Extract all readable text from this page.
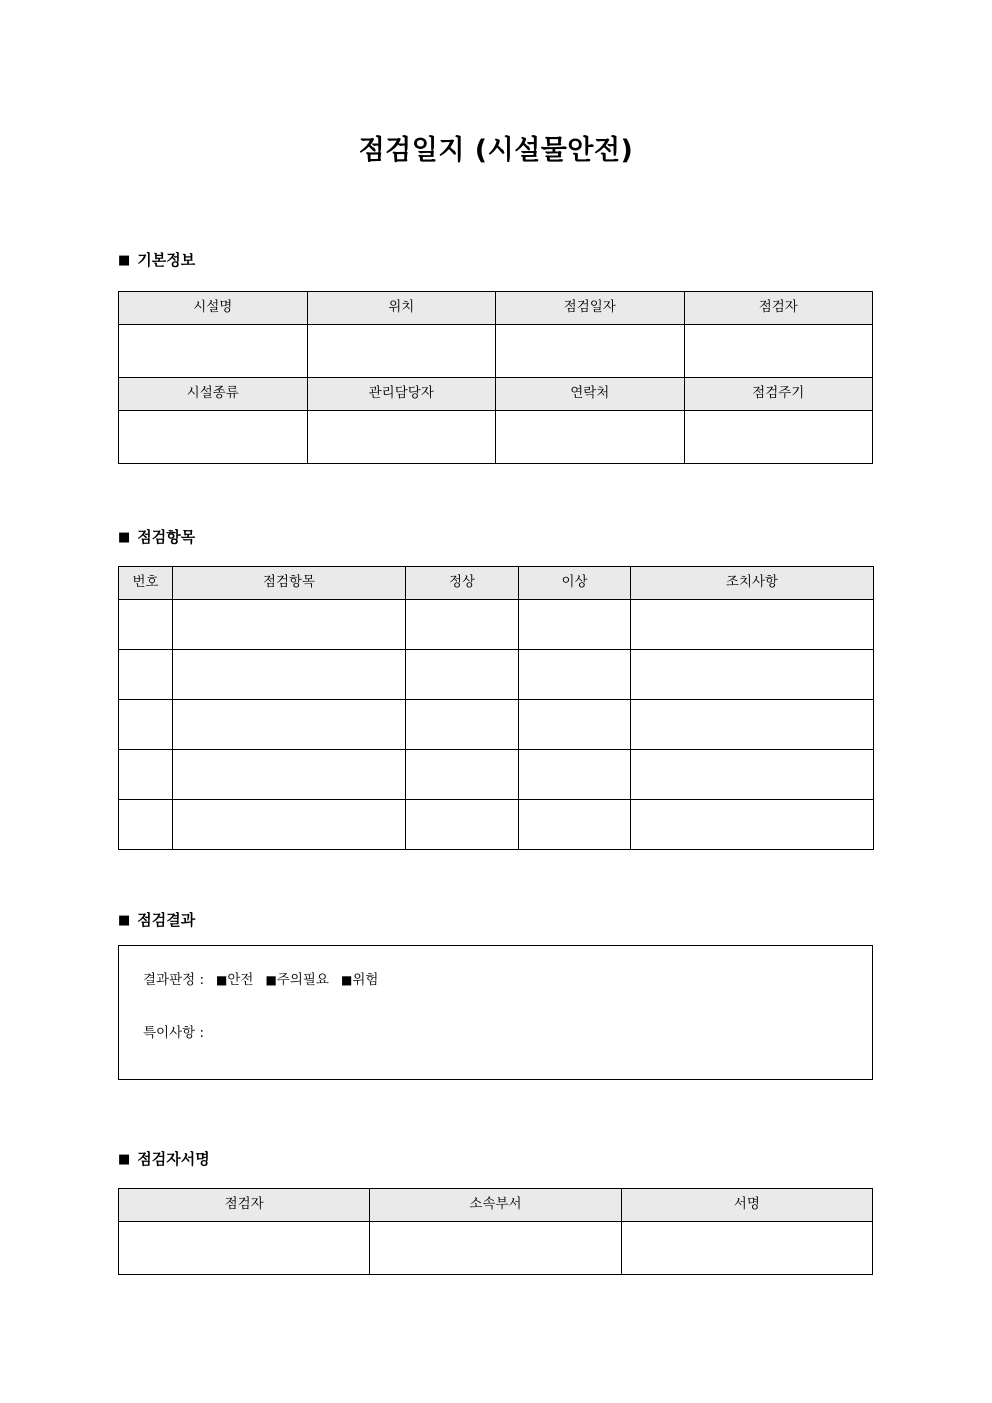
점검일지 (시설물안전)
■ 기본정보
시설명	위치	점검일자	점검자

시설종류	관리담당자	연락처	점검주기

■ 점검항목
번호	점검항목	정상	이상	조치사항

■ 점검결과
결과판정 : ■안전 ■주의필요 ■위험
특이사항 :
■ 점검자서명
점검자	소속부서	서명
